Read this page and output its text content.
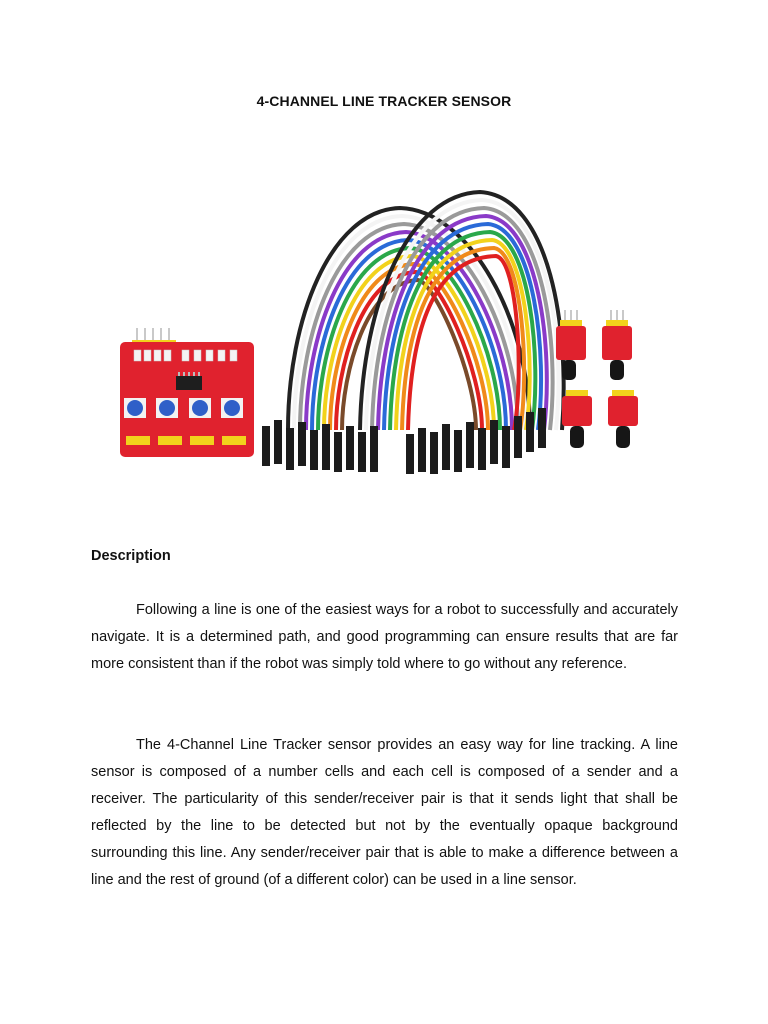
4-CHANNEL LINE TRACKER SENSOR
Description

Following a line is one of the easiest ways for a robot to successfully and accurately navigate. It is a determined path, and good programming can ensure results that are far more consistent than if the robot was simply told where to go without any reference.

The 4-Channel Line Tracker sensor provides an easy way for line tracking. A line sensor is composed of a number cells and each cell is composed of a sender and a receiver. The particularity of this sender/receiver pair is that it sends light that shall be reflected by the line to be detected but not by the eventually opaque background surrounding this line. Any sender/receiver pair that is able to make a difference between a line and the rest of ground (of a different color) can be used in a line sensor.
